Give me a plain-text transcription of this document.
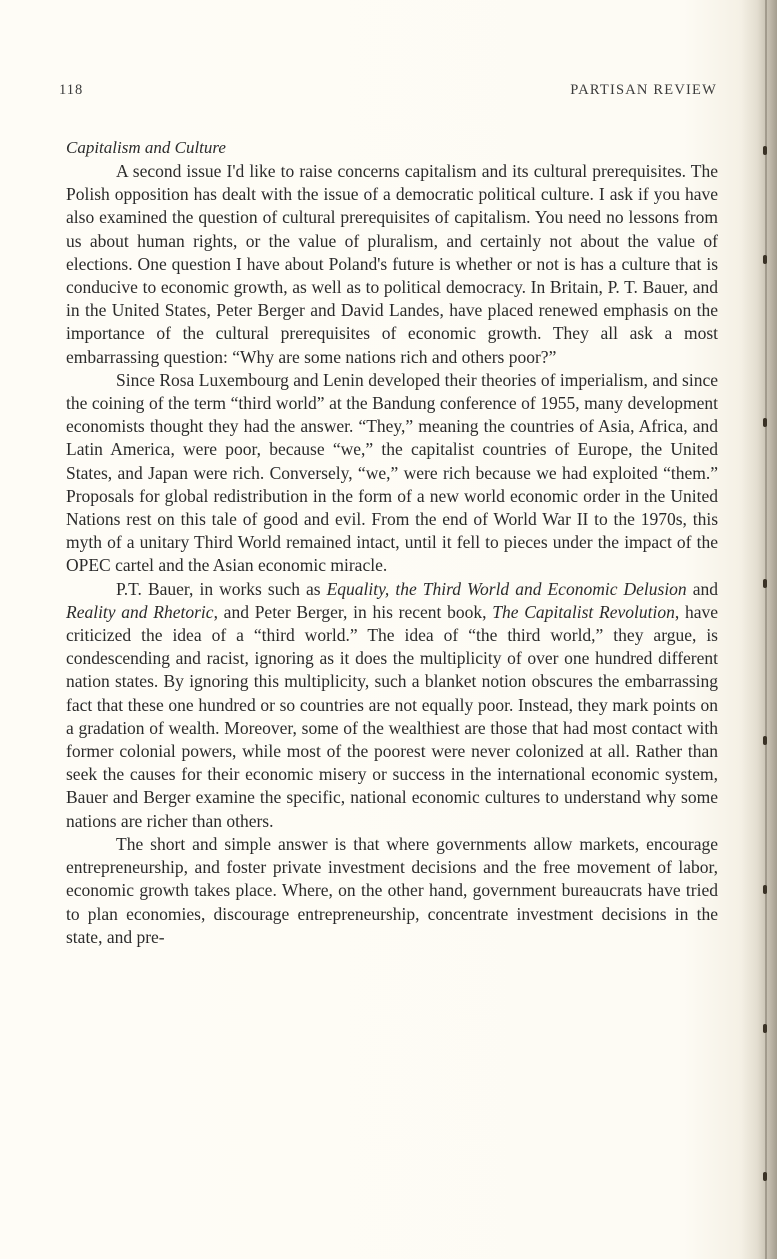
118	PARTISAN REVIEW
Capitalism and Culture

A second issue I'd like to raise concerns capitalism and its cultural prerequisites. The Polish opposition has dealt with the issue of a democratic political culture. I ask if you have also examined the question of cultural prerequisites of capitalism. You need no lessons from us about human rights, or the value of pluralism, and certainly not about the value of elections. One question I have about Poland's future is whether or not is has a culture that is conducive to economic growth, as well as to political democracy. In Britain, P. T. Bauer, and in the United States, Peter Berger and David Landes, have placed renewed emphasis on the importance of the cultural prerequisites of economic growth. They all ask a most embarrassing question: “Why are some nations rich and others poor?”

Since Rosa Luxembourg and Lenin developed their theories of imperialism, and since the coining of the term “third world” at the Bandung conference of 1955, many development economists thought they had the answer. “They,” meaning the countries of Asia, Africa, and Latin America, were poor, because “we,” the capitalist countries of Europe, the United States, and Japan were rich. Conversely, “we,” were rich because we had exploited “them.” Proposals for global redistribution in the form of a new world economic order in the United Nations rest on this tale of good and evil. From the end of World War II to the 1970s, this myth of a unitary Third World remained intact, until it fell to pieces under the impact of the OPEC cartel and the Asian economic miracle.

P.T. Bauer, in works such as Equality, the Third World and Economic Delusion and Reality and Rhetoric, and Peter Berger, in his recent book, The Capitalist Revolution, have criticized the idea of a “third world.” The idea of “the third world,” they argue, is condescending and racist, ignoring as it does the multiplicity of over one hundred different nation states. By ignoring this multiplicity, such a blanket notion obscures the embarrassing fact that these one hundred or so countries are not equally poor. Instead, they mark points on a gradation of wealth. Moreover, some of the wealthiest are those that had most contact with former colonial powers, while most of the poorest were never colonized at all. Rather than seek the causes for their economic misery or success in the international economic system, Bauer and Berger examine the specific, national economic cultures to understand why some nations are richer than others.

The short and simple answer is that where governments allow markets, encourage entrepreneurship, and foster private investment decisions and the free movement of labor, economic growth takes place. Where, on the other hand, government bureaucrats have tried to plan economies, discourage entrepreneurship, concentrate investment decisions in the state, and pre-
